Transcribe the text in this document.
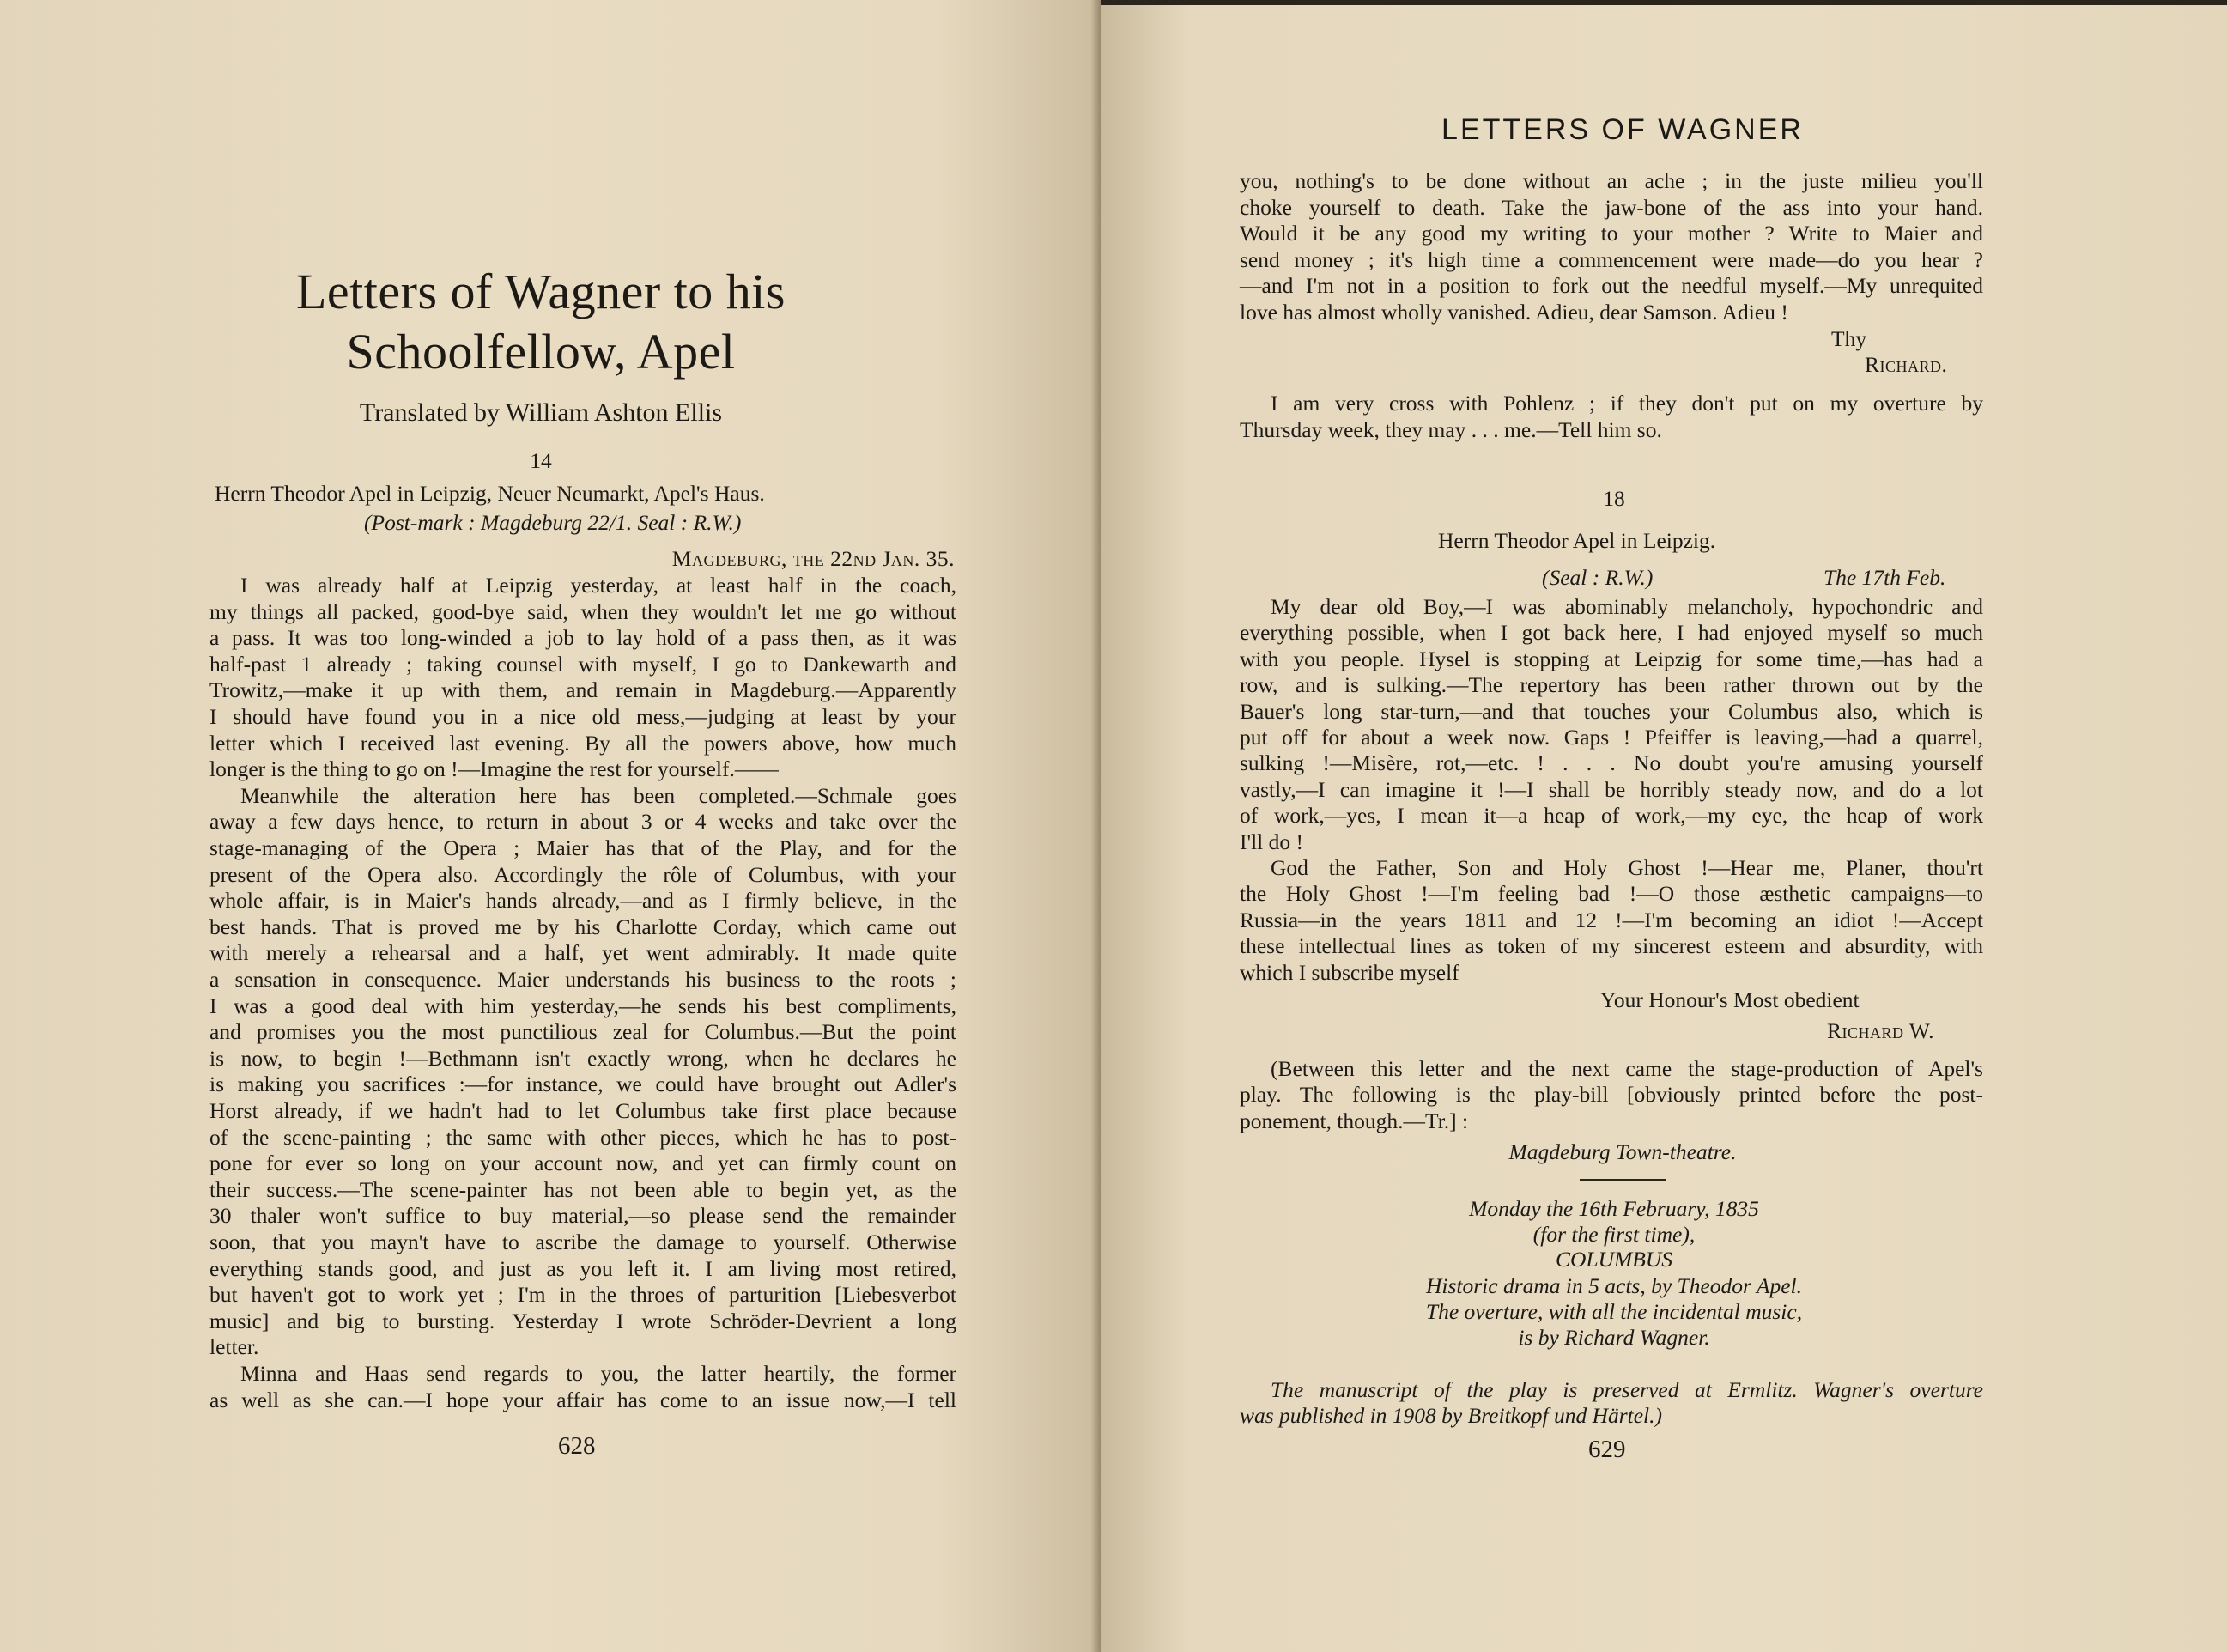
Letters of Wagner to his
Schoolfellow, Apel
Translated by William Ashton Ellis
14
Herrn Theodor Apel in Leipzig, Neuer Neumarkt, Apel's Haus.
(Post-mark : Magdeburg 22/1. Seal : R.W.)
Magdeburg, the 22nd Jan. 35.
I was already half at Leipzig yesterday, at least half in the coach,
my things all packed, good-bye said, when they wouldn't let me go without
a pass. It was too long-winded a job to lay hold of a pass then, as it was
half-past 1 already ; taking counsel with myself, I go to Dankewarth and
Trowitz,—make it up with them, and remain in Magdeburg.—Apparently
I should have found you in a nice old mess,—judging at least by your
letter which I received last evening. By all the powers above, how much
longer is the thing to go on !—Imagine the rest for yourself.——
Meanwhile the alteration here has been completed.—Schmale goes
away a few days hence, to return in about 3 or 4 weeks and take over the
stage-managing of the Opera ; Maier has that of the Play, and for the
present of the Opera also. Accordingly the rôle of Columbus, with your
whole affair, is in Maier's hands already,—and as I firmly believe, in the
best hands. That is proved me by his Charlotte Corday, which came out
with merely a rehearsal and a half, yet went admirably. It made quite
a sensation in consequence. Maier understands his business to the roots ;
I was a good deal with him yesterday,—he sends his best compliments,
and promises you the most punctilious zeal for Columbus.—But the point
is now, to begin !—Bethmann isn't exactly wrong, when he declares he
is making you sacrifices :—for instance, we could have brought out Adler's
Horst already, if we hadn't had to let Columbus take first place because
of the scene-painting ; the same with other pieces, which he has to post-
pone for ever so long on your account now, and yet can firmly count on
their success.—The scene-painter has not been able to begin yet, as the
30 thaler won't suffice to buy material,—so please send the remainder
soon, that you mayn't have to ascribe the damage to yourself. Otherwise
everything stands good, and just as you left it. I am living most retired,
but haven't got to work yet ; I'm in the throes of parturition [Liebesverbot
music] and big to bursting. Yesterday I wrote Schröder-Devrient a long
letter.
Minna and Haas send regards to you, the latter heartily, the former
as well as she can.—I hope your affair has come to an issue now,—I tell
628
LETTERS OF WAGNER
you, nothing's to be done without an ache ; in the juste milieu you'll
choke yourself to death. Take the jaw-bone of the ass into your hand.
Would it be any good my writing to your mother ? Write to Maier and
send money ; it's high time a commencement were made—do you hear ?
—and I'm not in a position to fork out the needful myself.—My unrequited
love has almost wholly vanished. Adieu, dear Samson. Adieu !
Thy
Richard.
I am very cross with Pohlenz ; if they don't put on my overture by
Thursday week, they may . . . me.—Tell him so.
18
Herrn Theodor Apel in Leipzig.
(Seal : R.W.)	The 17th Feb.
My dear old Boy,—I was abominably melancholy, hypochondric and
everything possible, when I got back here, I had enjoyed myself so much
with you people. Hysel is stopping at Leipzig for some time,—has had a
row, and is sulking.—The repertory has been rather thrown out by the
Bauer's long star-turn,—and that touches your Columbus also, which is
put off for about a week now. Gaps ! Pfeiffer is leaving,—had a quarrel,
sulking !—Misère, rot,—etc. ! . . . No doubt you're amusing yourself
vastly,—I can imagine it !—I shall be horribly steady now, and do a lot
of work,—yes, I mean it—a heap of work,—my eye, the heap of work
I'll do !
God the Father, Son and Holy Ghost !—Hear me, Planer, thou'rt
the Holy Ghost !—I'm feeling bad !—O those æsthetic campaigns—to
Russia—in the years 1811 and 12 !—I'm becoming an idiot !—Accept
these intellectual lines as token of my sincerest esteem and absurdity, with
which I subscribe myself
Your Honour's Most obedient
Richard W.
(Between this letter and the next came the stage-production of Apel's
play. The following is the play-bill [obviously printed before the post-
ponement, though.—Tr.] :
Magdeburg Town-theatre.
Monday the 16th February, 1835
(for the first time),
COLUMBUS
Historic drama in 5 acts, by Theodor Apel.
The overture, with all the incidental music,
is by Richard Wagner.
The manuscript of the play is preserved at Ermlitz. Wagner's overture
was published in 1908 by Breitkopf und Härtel.)
629
